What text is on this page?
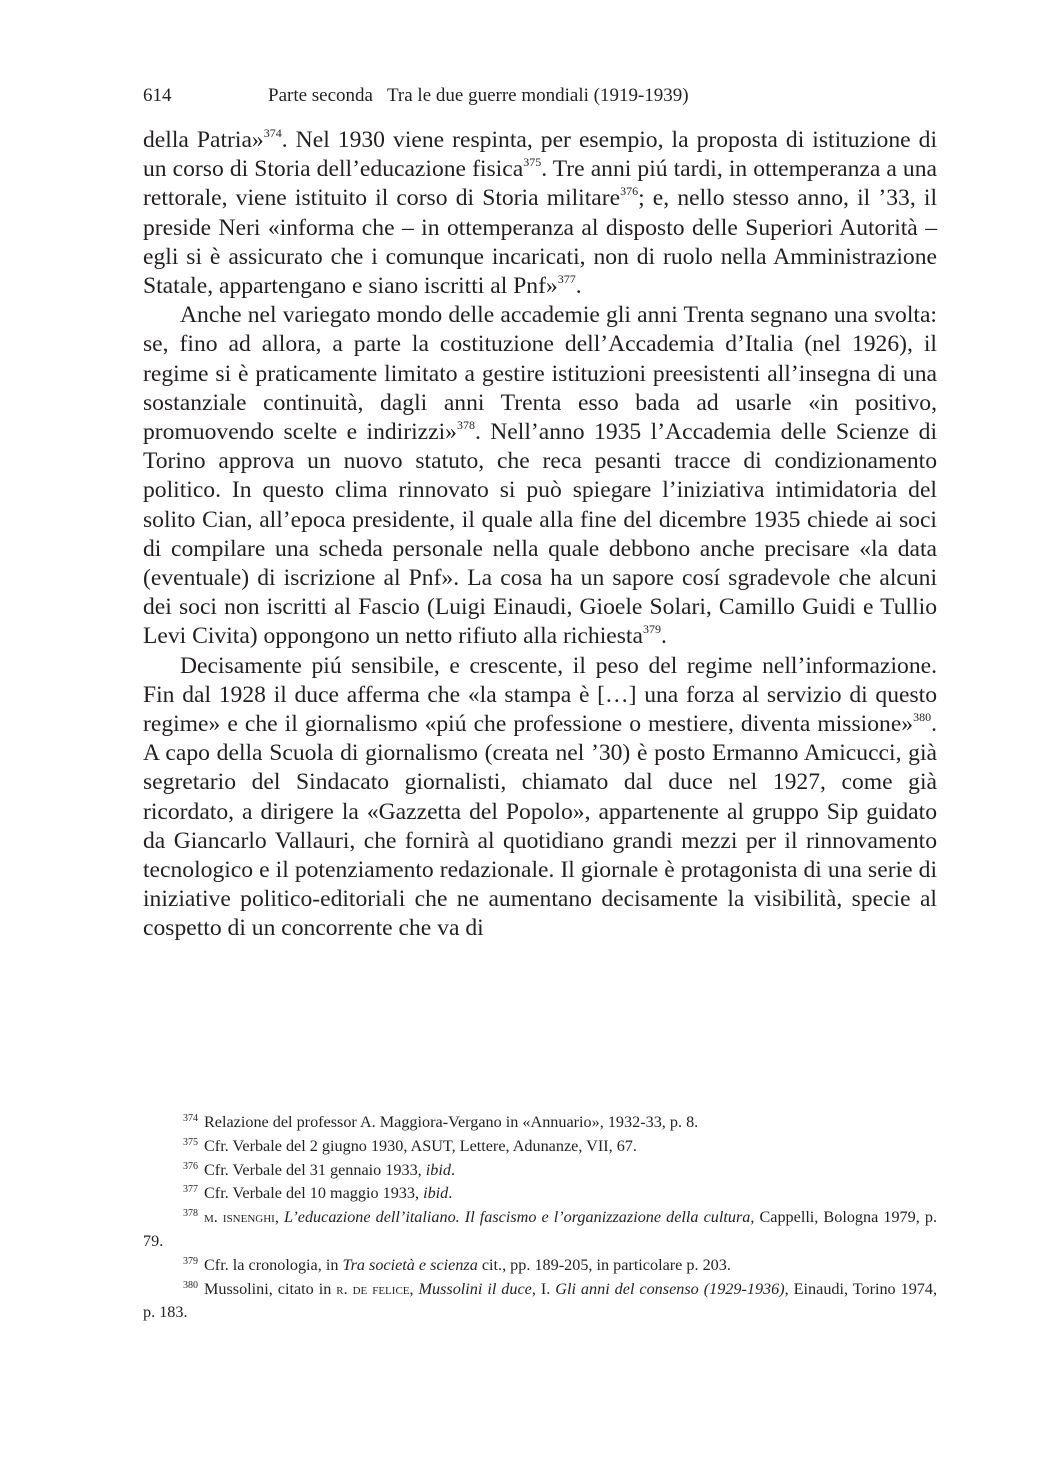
614	Parte seconda Tra le due guerre mondiali (1919-1939)

della Patria»$^{374}$. Nel 1930 viene respinta, per esempio, la proposta di istituzione di un corso di Storia dell’educazione fisica$^{375}$. Tre anni piú tardi, in ottemperanza a una rettorale, viene istituito il corso di Storia militare$^{376}$; e, nello stesso anno, il ’33, il preside Neri «informa che – in ottemperanza al disposto delle Superiori Autorità – egli si è assicurato che i comunque incaricati, non di ruolo nella Amministrazione Statale, appartengano e siano iscritti al Pnf»$^{377}$.

Anche nel variegato mondo delle accademie gli anni Trenta segnano una svolta: se, fino ad allora, a parte la costituzione dell’Accademia d’Italia (nel 1926), il regime si è praticamente limitato a gestire istituzioni preesistenti all’insegna di una sostanziale continuità, dagli anni Trenta esso bada ad usarle «in positivo, promuovendo scelte e indirizzi»$^{378}$. Nell’anno 1935 l’Accademia delle Scienze di Torino approva un nuovo statuto, che reca pesanti tracce di condizionamento politico. In questo clima rinnovato si può spiegare l’iniziativa intimidatoria del solito Cian, all’epoca presidente, il quale alla fine del dicembre 1935 chiede ai soci di compilare una scheda personale nella quale debbono anche precisare «la data (eventuale) di iscrizione al Pnf». La cosa ha un sapore cosí sgradevole che alcuni dei soci non iscritti al Fascio (Luigi Einaudi, Gioele Solari, Camillo Guidi e Tullio Levi Civita) oppongono un netto rifiuto alla richiesta$^{379}$.

Decisamente piú sensibile, e crescente, il peso del regime nell’informazione. Fin dal 1928 il duce afferma che «la stampa è […] una forza al servizio di questo regime» e che il giornalismo «piú che professione o mestiere, diventa missione»$^{380}$. A capo della Scuola di giornalismo (creata nel ’30) è posto Ermanno Amicucci, già segretario del Sindacato giornalisti, chiamato dal duce nel 1927, come già ricordato, a dirigere la «Gazzetta del Popolo», appartenente al gruppo Sip guidato da Giancarlo Vallauri, che fornirà al quotidiano grandi mezzi per il rinnovamento tecnologico e il potenziamento redazionale. Il giornale è protagonista di una serie di iniziative politico-editoriali che ne aumentano decisamente la visibilità, specie al cospetto di un concorrente che va di

$^{374}$ Relazione del professor A. Maggiora-Vergano in «Annuario», 1932-33, p. 8.

$^{375}$ Cfr. Verbale del 2 giugno 1930, ASUT, Lettere, Adunanze, VII, 67.

$^{376}$ Cfr. Verbale del 31 gennaio 1933, ibid.

$^{377}$ Cfr. Verbale del 10 maggio 1933, ibid.

$^{378}$ m. isnenghi, L’educazione dell’italiano. Il fascismo e l’organizzazione della cultura, Cappelli, Bologna 1979, p. 79.

$^{379}$ Cfr. la cronologia, in Tra società e scienza cit., pp. 189-205, in particolare p. 203.

$^{380}$ Mussolini, citato in r. de felice, Mussolini il duce, I. Gli anni del consenso (1929-1936), Einaudi, Torino 1974, p. 183.
